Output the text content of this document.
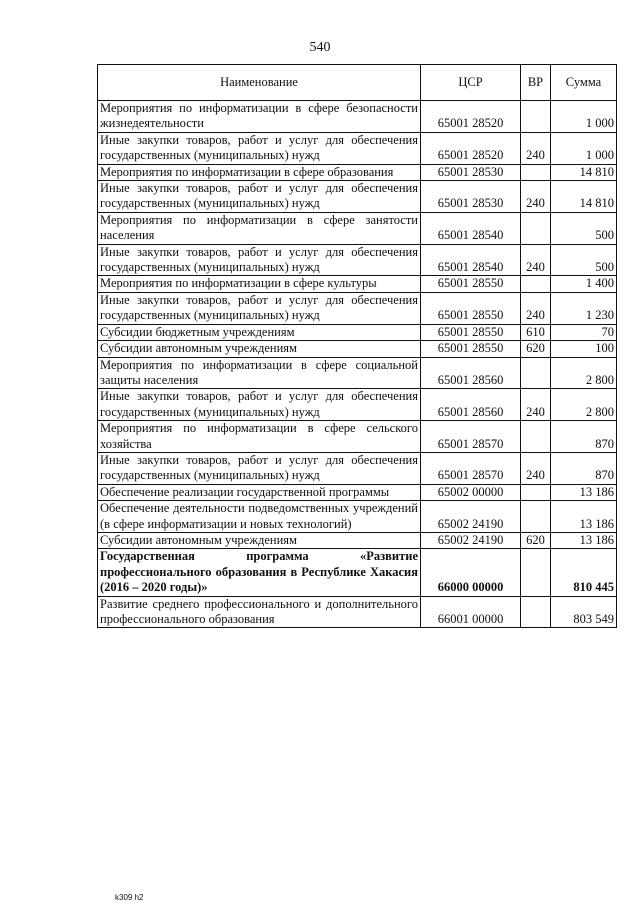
540
Наименование	ЦСР	ВР	Сумма
Мероприятия по информатизации в сфере безопасности жизнедеятельности	65001 28520		1 000
Иные закупки товаров, работ и услуг для обеспечения государственных (муниципальных) нужд	65001 28520	240	1 000
Мероприятия по информатизации в сфере образования	65001 28530		14 810
Иные закупки товаров, работ и услуг для обеспечения государственных (муниципальных) нужд	65001 28530	240	14 810
Мероприятия по информатизации в сфере занятости населения	65001 28540		500
Иные закупки товаров, работ и услуг для обеспечения государственных (муниципальных) нужд	65001 28540	240	500
Мероприятия по информатизации в сфере культуры	65001 28550		1 400
Иные закупки товаров, работ и услуг для обеспечения государственных (муниципальных) нужд	65001 28550	240	1 230
Субсидии бюджетным учреждениям	65001 28550	610	70
Субсидии автономным учреждениям	65001 28550	620	100
Мероприятия по информатизации в сфере социальной защиты населения	65001 28560		2 800
Иные закупки товаров, работ и услуг для обеспечения государственных (муниципальных) нужд	65001 28560	240	2 800
Мероприятия по информатизации в сфере сельского хозяйства	65001 28570		870
Иные закупки товаров, работ и услуг для обеспечения государственных (муниципальных) нужд	65001 28570	240	870
Обеспечение реализации государственной программы	65002 00000		13 186
Обеспечение деятельности подведомственных учреждений (в сфере информатизации и новых технологий)	65002 24190		13 186
Субсидии автономным учреждениям	65002 24190	620	13 186
Государственная программа «Развитие профессионального образования в Республике Хакасия (2016 – 2020 годы)»	66000 00000		810 445
Развитие среднего профессионального и дополнительного профессионального образования	66001 00000		803 549
k309 h2
